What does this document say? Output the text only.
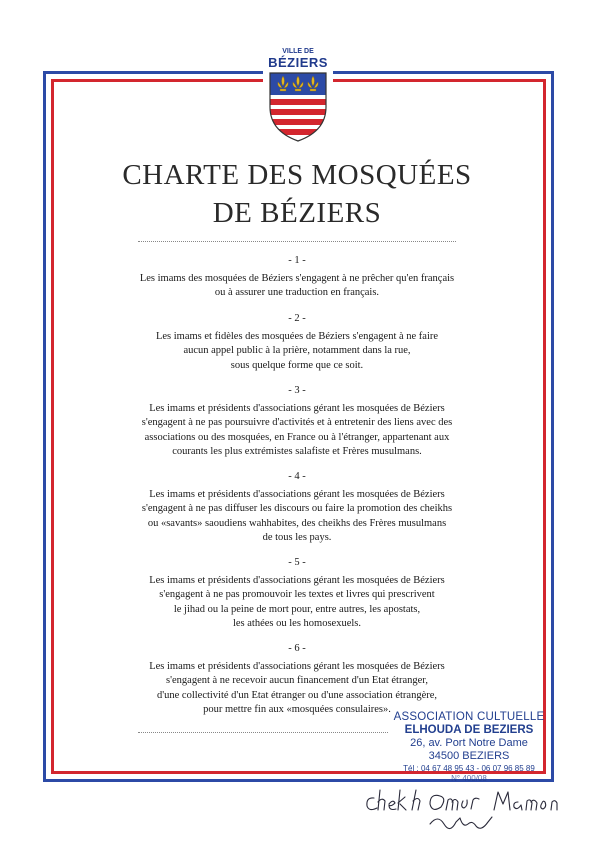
VILLE DE
BÉZIERS
CHARTE DES MOSQUÉES
DE BÉZIERS
- 1 -
Les imams des mosquées de Béziers s'engagent à ne prêcher qu'en français
ou à assurer une traduction en français.
- 2 -
Les imams et fidèles des mosquées de Béziers s'engagent à ne faire
aucun appel public à la prière, notamment dans la rue,
sous quelque forme que ce soit.
- 3 -
Les imams et présidents d'associations gérant les mosquées de Béziers
s'engagent à ne pas poursuivre d'activités et à entretenir des liens avec des
associations ou des mosquées, en France ou à l'étranger, appartenant aux
courants les plus extrémistes salafiste et Frères musulmans.
- 4 -
Les imams et présidents d'associations gérant les mosquées de Béziers
s'engagent à ne pas diffuser les discours ou faire la promotion des cheikhs
ou «savants» saoudiens wahhabites, des cheikhs des Frères musulmans
de tous les pays.
- 5 -
Les imams et présidents d'associations gérant les mosquées de Béziers
s'engagent à ne pas promouvoir les textes et livres qui prescrivent
le jihad ou la peine de mort pour, entre autres, les apostats,
les athées ou les homosexuels.
- 6 -
Les imams et présidents d'associations gérant les mosquées de Béziers
s'engagent à ne recevoir aucun financement d'un Etat étranger,
d'une collectivité d'un Etat étranger ou d'une association étrangère,
pour mettre fin aux «mosquées consulaires».
ASSOCIATION CULTUELLE
ELHOUDA DE BEZIERS
26, av. Port Notre Dame
34500 BEZIERS
Tél : 04 67 48 95 43 - 06 07 96 85 89
N° 400/08
